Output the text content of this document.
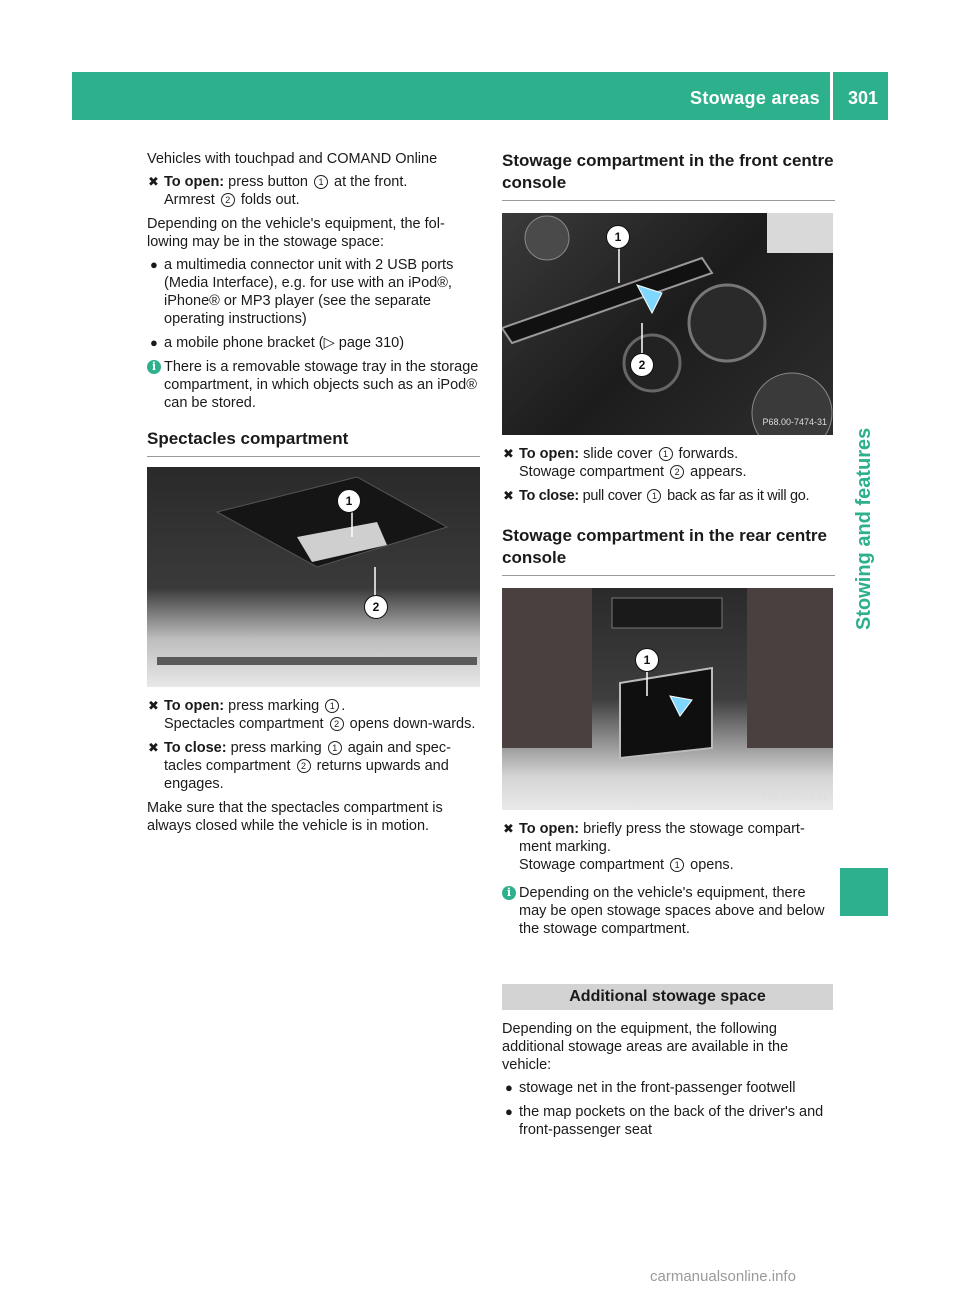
Stowage areas 301
Stowing and features

Vehicles with touchpad and COMAND Online

✖ To open: press button 1 at the front.
Armrest 2 folds out.

Depending on the vehicle's equipment, the fol-lowing may be in the stowage space:

● a multimedia connector unit with 2 USB ports (Media Interface), e.g. for use with an iPod®, iPhone® or MP3 player (see the separate operating instructions)
● a mobile phone bracket (▷ page 310)
i There is a removable stowage tray in the storage compartment, in which objects such as an iPod® can be stored.
Spectacles compartment
1
2
P68.00-7473-31
✖ To open: press marking 1 .
Spectacles compartment 2 opens down-wards.
✖ To close: press marking 1 again and spec-tacles compartment 2 returns upwards and engages.

Make sure that the spectacles compartment is always closed while the vehicle is in motion.

Stowage compartment in the front centre console
1
2
P68.00-7474-31
✖ To open: slide cover 1 forwards.
Stowage compartment 2 appears.
✖ To close: pull cover 1 back as far as it will go.
Stowage compartment in the rear centre console
1
P68.00-7475-31
✖ To open: briefly press the stowage compart-ment marking.
Stowage compartment 1 opens.
i Depending on the vehicle's equipment, there may be open stowage spaces above and below the stowage compartment.
Additional stowage space

Depending on the equipment, the following additional stowage areas are available in the vehicle:

● stowage net in the front-passenger footwell
● the map pockets on the back of the driver's and front-passenger seat
carmanualsonline.info
